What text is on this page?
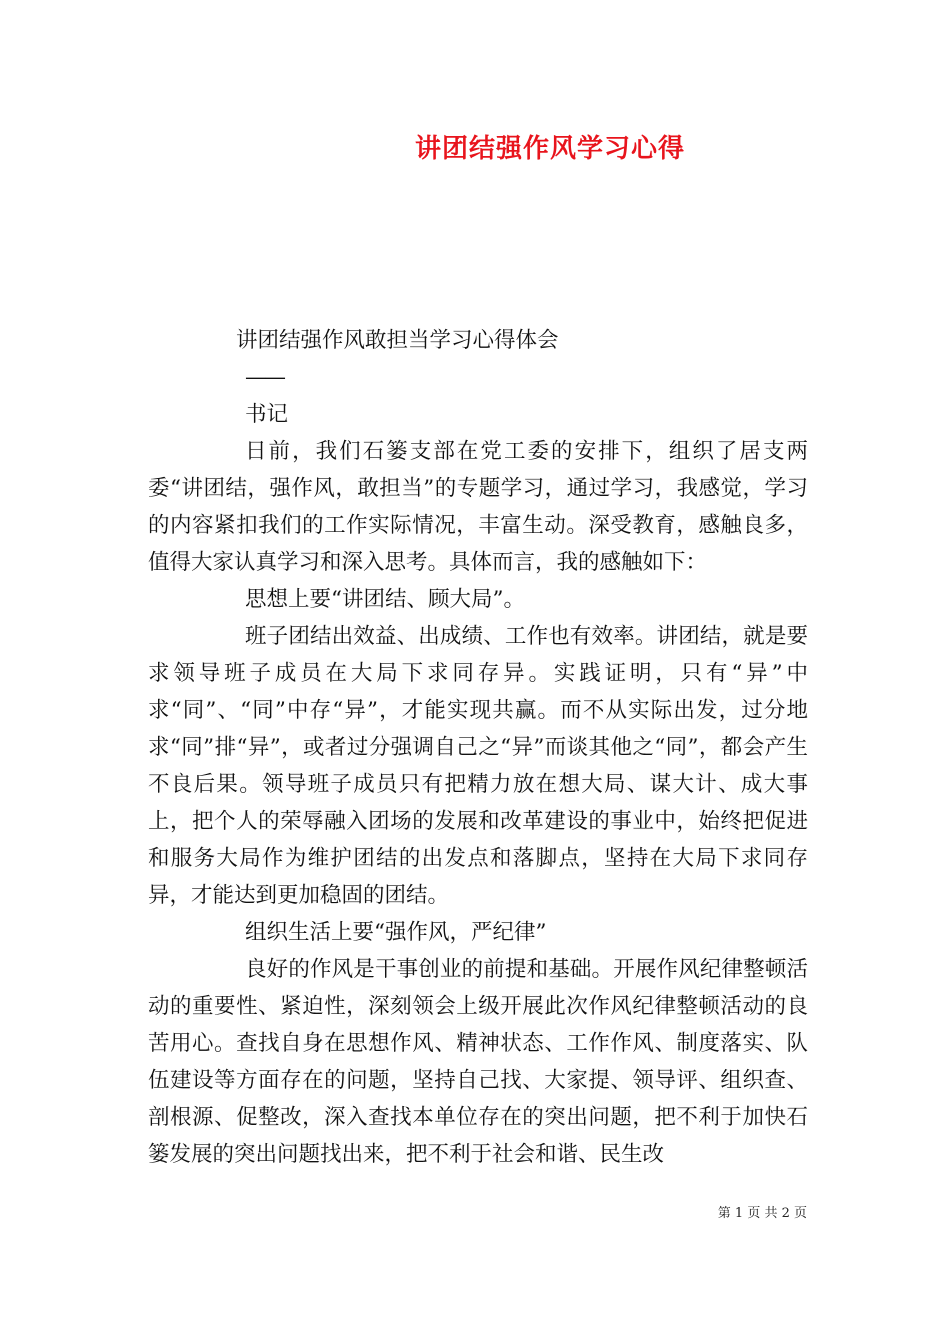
讲团结强作风学习心得

讲团结强作风敢担当学习心得体会

——

书记

日前，我们石篓支部在党工委的安排下，组织了居支两委“讲团结，强作风，敢担当”的专题学习，通过学习，我感觉，学习的内容紧扣我们的工作实际情况，丰富生动。深受教育，感触良多，值得大家认真学习和深入思考。具体而言，我的感触如下：

思想上要“讲团结、顾大局”。

班子团结出效益、出成绩、工作也有效率。讲团结，就是要求领导班子成员在大局下求同存异。实践证明，只有“异”中求“同”、“同”中存“异”，才能实现共赢。而不从实际出发，过分地求“同”排“异”，或者过分强调自己之“异”而谈其他之“同”，都会产生不良后果。领导班子成员只有把精力放在想大局、谋大计、成大事上，把个人的荣辱融入团场的发展和改革建设的事业中，始终把促进和服务大局作为维护团结的出发点和落脚点，坚持在大局下求同存异，才能达到更加稳固的团结。

组织生活上要“强作风，严纪律”

良好的作风是干事创业的前提和基础。开展作风纪律整顿活动的重要性、紧迫性，深刻领会上级开展此次作风纪律整顿活动的良苦用心。查找自身在思想作风、精神状态、工作作风、制度落实、队伍建设等方面存在的问题，坚持自己找、大家提、领导评、组织查、剖根源、促整改，深入查找本单位存在的突出问题，把不利于加快石篓发展的突出问题找出来，把不利于社会和谐、民生改

第 1 页 共 2 页
